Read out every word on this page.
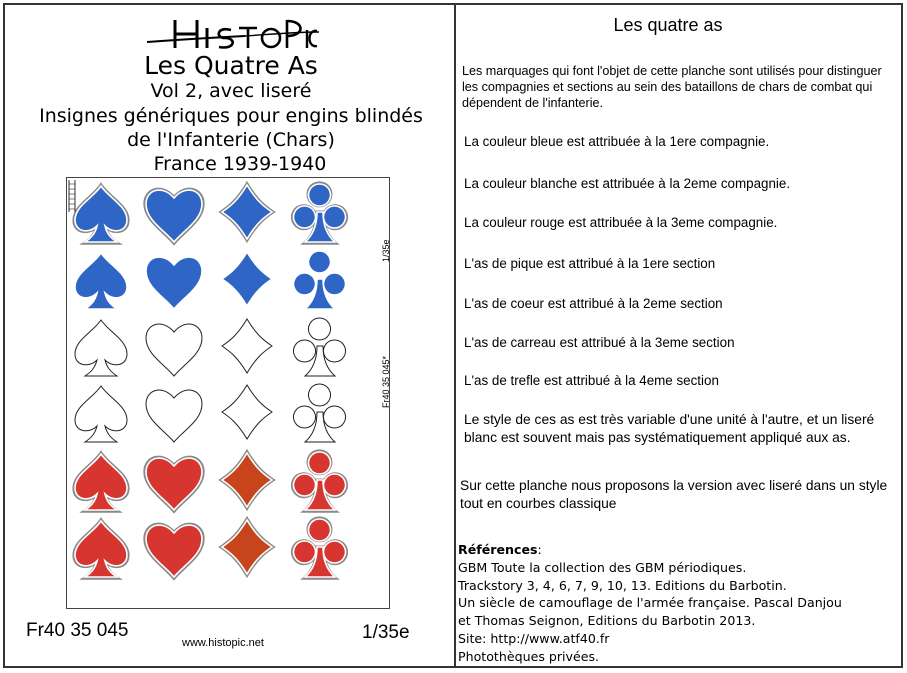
Les Quatre As
Vol 2, avec liseré
Insignes génériques pour engins blindés
de l'Infanterie (Chars)
France 1939-1940
1/35e
Fr40 35 045*
Fr40 35 045
www.histopic.net	1/35e
Les quatre as
Les marquages qui font l'objet de cette planche sont utilisés pour distinguer les compagnies et sections au sein des bataillons de chars de combat qui dépendent de l'infanterie.
La couleur bleue est attribuée à la 1ere compagnie.
La couleur blanche est attribuée à la 2eme compagnie.
La couleur rouge est attribuée à la 3eme compagnie.
L'as de pique est attribué à la 1ere section
L'as de coeur est attribué à la 2eme section
L'as de carreau est attribué à la 3eme section
L'as de trefle est attribué à la 4eme section
Le style de ces as est très variable d'une unité à l'autre, et un liseré blanc est souvent mais pas systématiquement appliqué aux as.
Sur cette planche nous proposons la version avec liseré dans un style tout en courbes classique
Références:
GBM Toute la collection des GBM périodiques.
Trackstory 3, 4, 6, 7, 9, 10, 13. Editions du Barbotin.
Un siècle de camouflage de l'armée française. Pascal Danjou
et Thomas Seignon, Editions du Barbotin 2013.
Site: http://www.atf40.fr
Photothèques privées.
